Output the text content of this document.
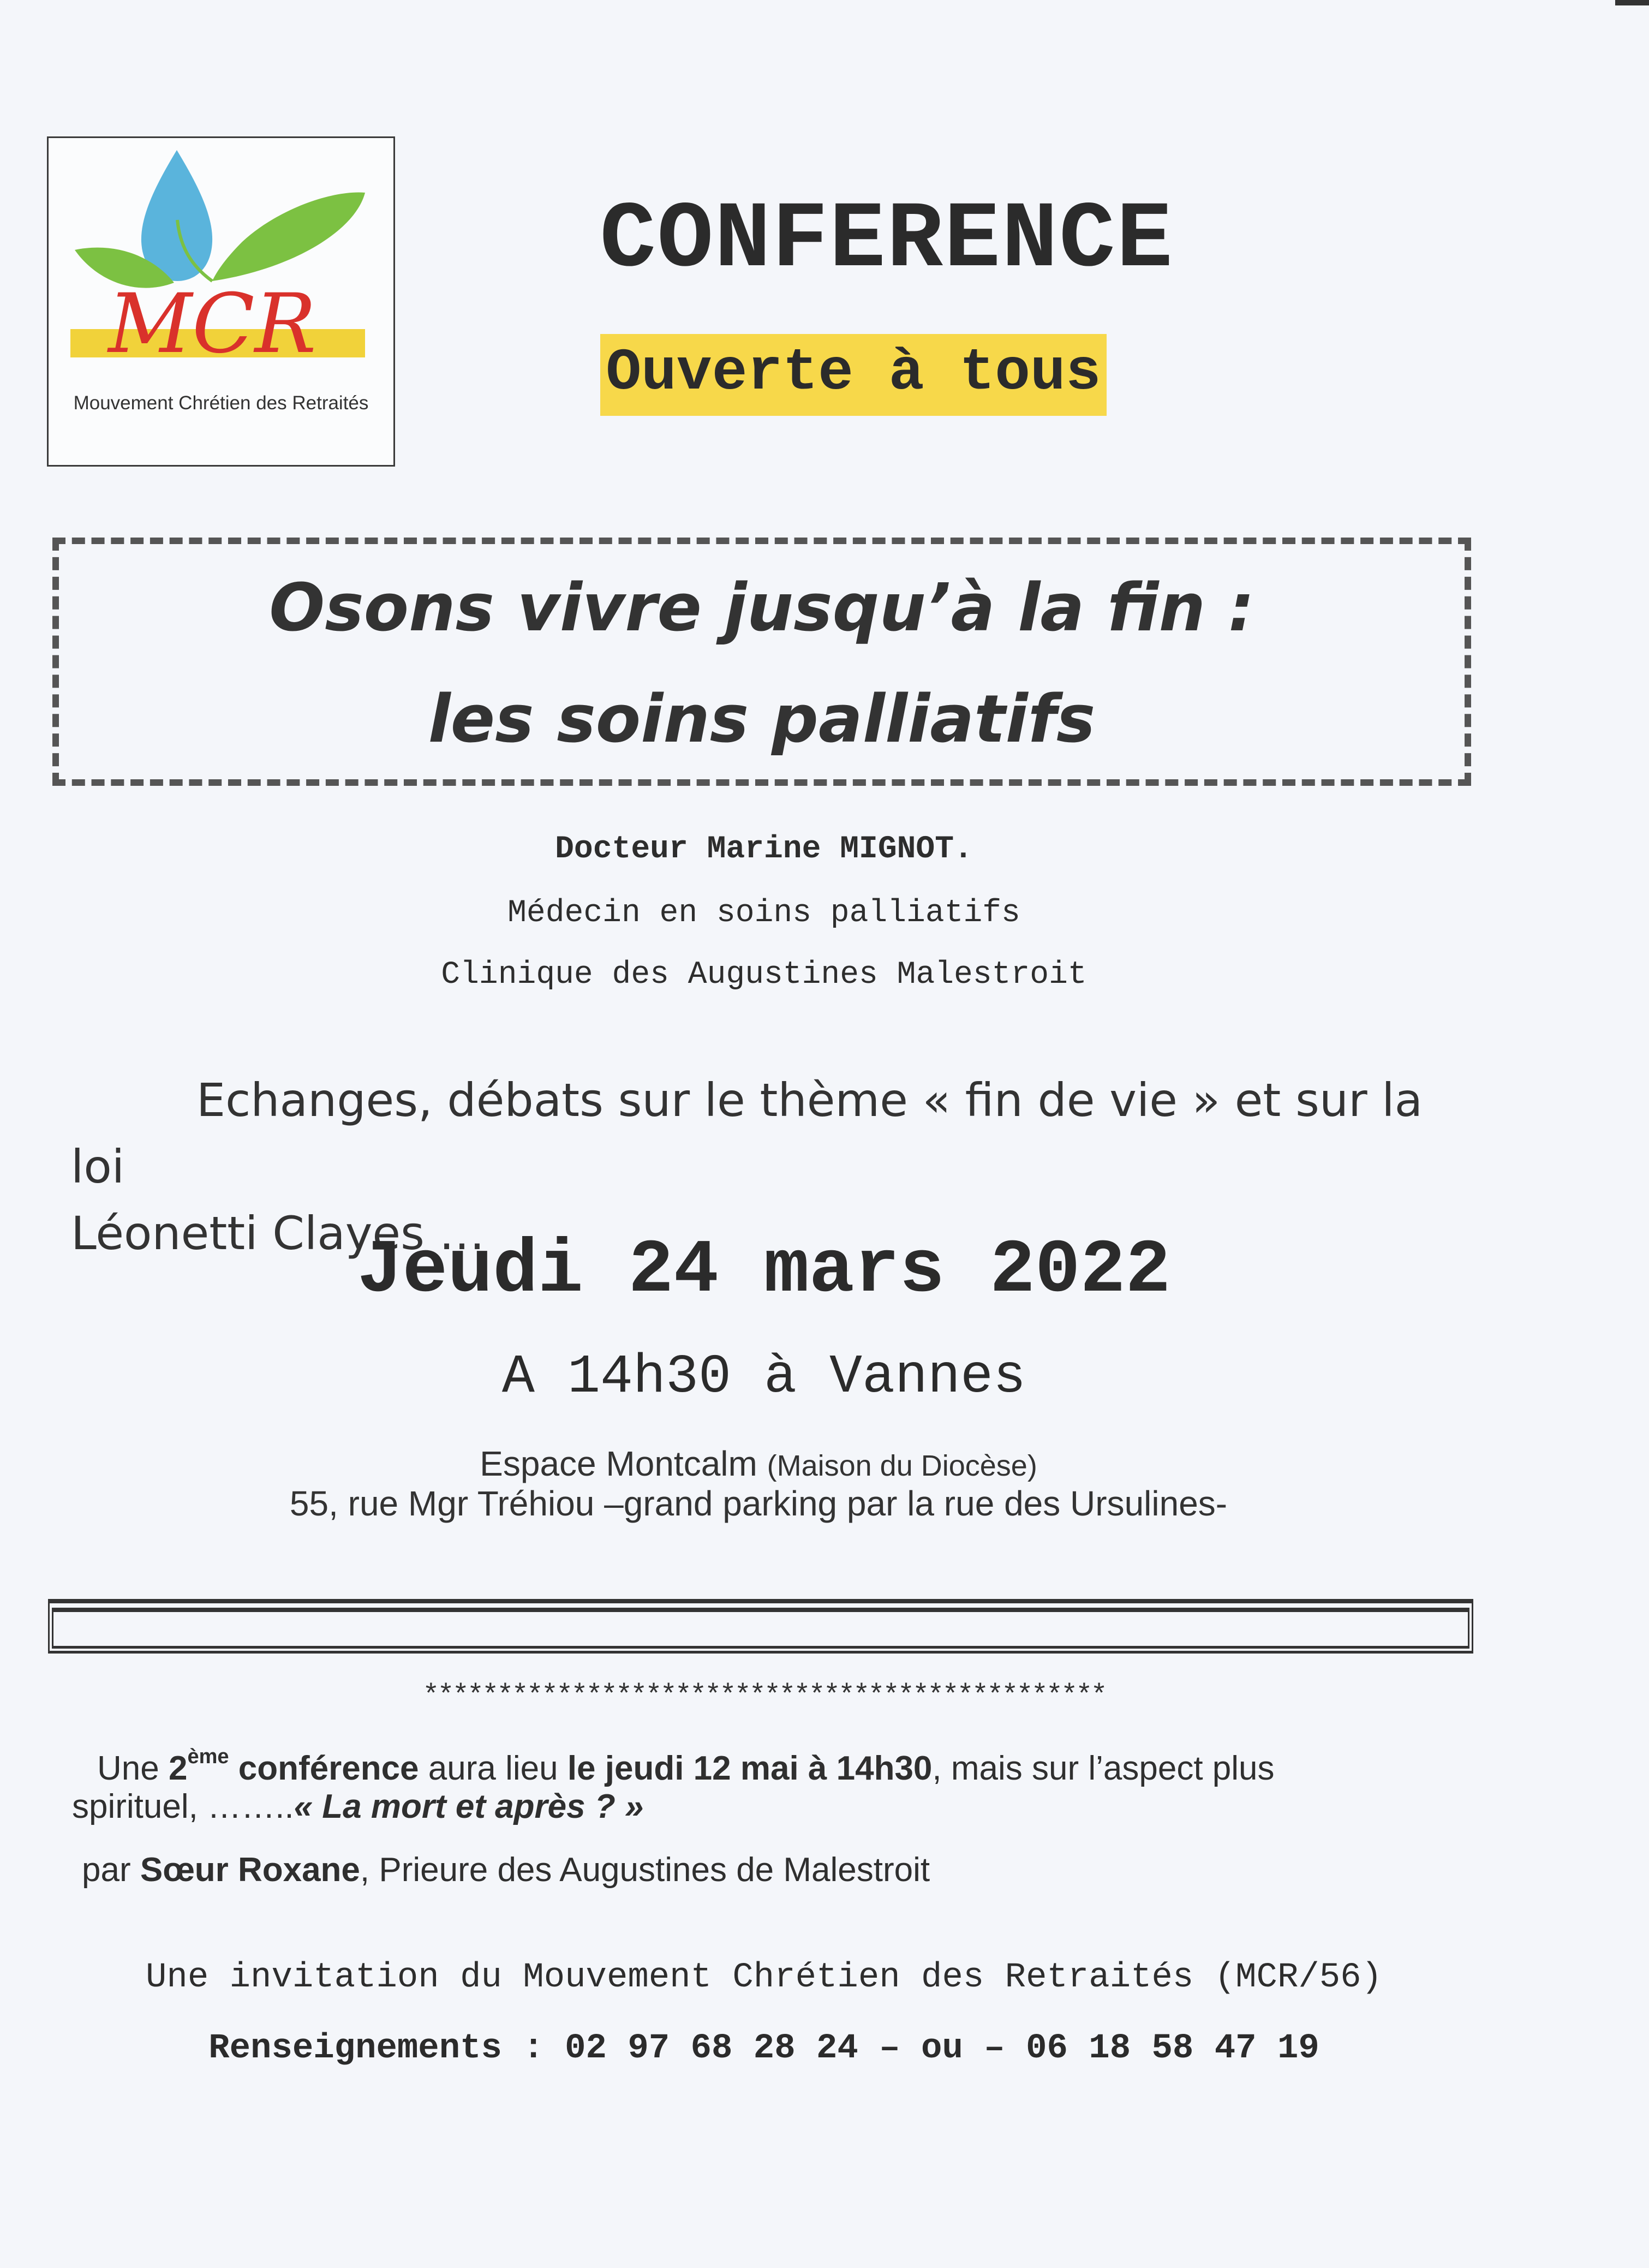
MCR
Mouvement Chrétien des Retraités
CONFERENCE
Ouverte à tous
Osons vivre jusqu’à la fin :
les soins palliatifs
Docteur Marine MIGNOT.
Médecin en soins palliatifs
Clinique des Augustines Malestroit
Echanges, débats sur le thème « fin de vie » et sur la loi
Léonetti Clayes …
Jeudi 24 mars 2022
A 14h30 à Vannes
Espace Montcalm (Maison du Diocèse)
55, rue Mgr Tréhiou –grand parking par la rue des Ursulines-
**********************************************
Une 2ème conférence aura lieu le jeudi 12 mai à 14h30, mais sur l’aspect plus
spirituel, ……..« La mort et après ? »
par Sœur Roxane, Prieure des Augustines de Malestroit
Une invitation du Mouvement Chrétien des Retraités (MCR/56)
Renseignements : 02 97 68 28 24 – ou – 06 18 58 47 19
